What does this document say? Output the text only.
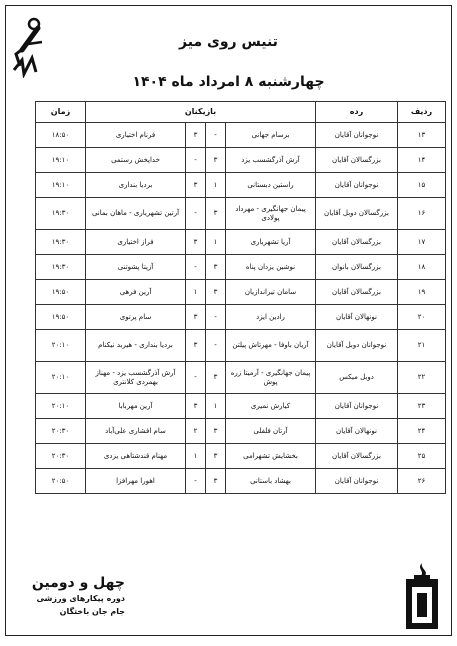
تنیس روی میز
چهارشنبه ۸ امرداد ماه ۱۴۰۴
ردیف	رده	بازیکنان				زمان
۱۳	نوجوانان آقایان	برسام جهانی	-	۳	فرنام اختیاری	۱۸:۵۰
۱۴	بزرگسالان آقایان	آرش آذرگشسب یزد	۳	-	خداپخش رستمی	۱۹:۱۰
۱۵	نوجوانان آقایان	راستین دبستانی	۱	۳	بردیا بنداری	۱۹:۱۰
۱۶	بزرگسالان دوبل آقایان	پیمان جهانگیری - مهرداد پولادی	۳	-	آرتین تشهریاری - ماهان بمانی	۱۹:۳۰
۱۷	بزرگسالان آقایان	آریا تشهریاری	۱	۳	فراز اختیاری	۱۹:۳۰
۱۸	بزرگسالان بانوان	نوشین یزدان پناه	۳	-	آزیتا پشوتنی	۱۹:۳۰
۱۹	بزرگسالان آقایان	سامان تیراندازیان	۳	۱	آرین فرهی	۱۹:۵۰
۲۰	نونهالان آقایان	رادین ایزد	-	۳	سام پرتوی	۱۹:۵۰
۲۱	نوجوانان دوبل آقایان	آریان باوفا - مهرتاش پیلتن	-	۳	بردیا بنداری - هیربد نیکنام	۲۰:۱۰
۲۲	دوبل میکس	پیمان جهانگیری - آرمیتا زره پوش	۳	-	آرش آذرگشسب یزد - مهناز بهمردی کلانتری	۲۰:۱۰
۲۳	نوجوانان آقایان	کیارش نمیری	۱	۳	آرین مهربابا	۲۰:۱۰
۲۴	نونهالان آقایان	آرتان فلفلی	۳	۲	سام افشاری علی‌آباد	۲۰:۳۰
۲۵	بزرگسالان آقایان	بخشایش تشهرامی	۳	۱	مهنام قندشتاهی یزدی	۲۰:۳۰
۲۶	نوجوانان آقایان	بهشاد باستانی	۳	-	اهورا مهرافزا	۲۰:۵۰
چهل و دومین
دوره پیکارهای ورزشی
جام جان باختگان
